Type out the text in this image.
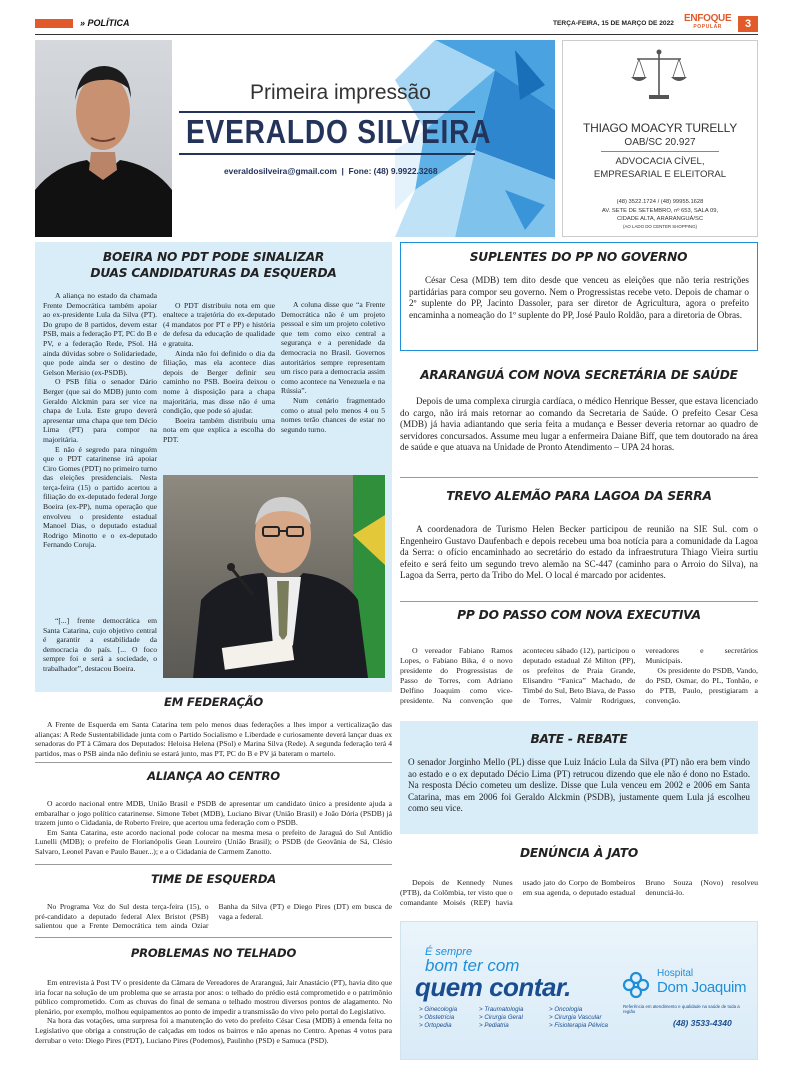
» POLÍTICA	TERÇA-FEIRA, 15 DE MARÇO DE 2022 ENFOQUE
POPULAR	3
Primeira impressão
EVERALDO SILVEIRA
everaldosilveira@gmail.com  |  Fone: (48) 9.9922.3268
THIAGO MOACYR TURELLY
OAB/SC 20.927
ADVOCACIA CÍVEL,
EMPRESARIAL E ELEITORAL
(48) 3522.1724 / (48) 99955.1628
AV. SETE DE SETEMBRO, nº 653, SALA 09,
CIDADE ALTA, ARARANGUÁ/SC
(AO LADO DO CENTER SHOPPING)
BOEIRA NO PDT PODE SINALIZAR DUAS CANDIDATURAS DA ESQUERDA

A aliança no estado da chamada Frente Democrática também apoiar ao ex-presidente Lula da Silva (PT). Do grupo de 8 partidos, devem estar PSB, mais a federação PT, PC do B e PV, e a federação Rede, PSol. Há ainda dúvidas sobre o Solidariedade, que pode ainda ser o destino de Gelson Merisio (ex-PSDB).

O PSB filia o senador Dário Berger (que sai do MDB) junto com Geraldo Alckmin para ser vice na chapa de Lula. Este grupo deverá apresentar uma chapa que tem Décio Lima (PT) para compor na majoritária.

E não é segredo para ninguém que o PDT catarinense irá apoiar Ciro Gomes (PDT) no primeiro turno das eleições presidenciais. Nesta terça-feira (15) o partido acertou a filiação do ex-deputado federal Jorge Boeira (ex-PP), numa operação que envolveu o presidente estadual Manoel Dias, o deputado estadual Rodrigo Minotto e o ex-deputado Fernando Coruja.

“[...] frente democrática em Santa Catarina, cujo objetivo central é garantir a estabilidade da democracia do país. [... O foco sempre foi e será a sociedade, o trabalhador”, destacou Boeira.

O PDT distribuiu nota em que enaltece a trajetória do ex-deputado (4 mandatos por PT e PP) e história de defesa da educação de qualidade e gratuita.

Ainda não foi definido o dia da filiação, mas ela acontece dias depois de Berger definir seu caminho no PSB. Boeira deixou o nome à disposição para a chapa majoritária, mas disse não é uma condição, que pode só ajudar.

Boeira também distribuiu uma nota em que explica a escolha do PDT.

A coluna disse que “a Frente Democrática não é um projeto pessoal e sim um projeto coletivo que tem como eixo central a segurança e a perenidade da democracia no Brasil. Governos autoritários sempre representam um risco para a democracia assim como acontece na Venezuela e na Rússia”.

Num cenário fragmentado como o atual pelo menos 4 ou 5 nomes terão chances de estar no segundo turno.

EM FEDERAÇÃO

A Frente de Esquerda em Santa Catarina tem pelo menos duas federações a lhes impor a verticalização das alianças: A Rede Sustentabilidade junta com o Partido Socialismo e Liberdade e curiosamente deverá lançar duas ex senadoras do PT à Câmara dos Deputados: Heloisa Helena (PSol) e Marina Silva (Rede). A segunda federação terá 4 partidos, mas o PSB ainda não definiu se estará junto, mas PT, PC do B e PV já bateram o martelo.

ALIANÇA AO CENTRO

O acordo nacional entre MDB, União Brasil e PSDB de apresentar um candidato único a presidente ajuda a embaralhar o jogo político catarinense. Simone Tebet (MDB), Luciano Bivar (União Brasil) e João Dória (PSDB) já trazem junto o Cidadania, de Roberto Freire, que acertou uma federação com o PSDB.

Em Santa Catarina, este acordo nacional pode colocar na mesma mesa o prefeito de Jaraguá do Sul Antídio Lunelli (MDB); o prefeito de Florianópolis Gean Loureiro (União Brasil); o PSDB (de Geovânia de Sá, Clésio Salvaro, Leonel Pavan e Paulo Bauer...); e a o Cidadania de Carmem Zanotto.

TIME DE ESQUERDA

No Programa Voz do Sul desta terça-feira (15), o pré-candidato a deputado federal Alex Bristot (PSB) salientou que a Frente Democrática tem ainda Oziar Banha da Silva (PT) e Diego Pires (DT) em busca de vaga a federal.

PROBLEMAS NO TELHADO

Em entrevista à Post TV o presidente da Câmara de Vereadores de Araranguá, Jair Anastácio (PT), havia dito que iria focar na solução de um problema que se arrasta por anos: o telhado do prédio está comprometido e o patrimônio público comprometido. Com as chuvas do final de semana o telhado mostrou diversos pontos de alagamento. No plenário, por exemplo, molhou equipamentos ao ponto de impedir a transmissão do vivo pelo portal do Legislativo.

Na hora das votações, uma surpresa foi a manutenção do veto do prefeito César Cesa (MDB) à emenda feita no Legislativo que obriga a construção de calçadas em todos os bairros e não apenas no Centro. Apenas 4 votos para derrubar o veto: Diego Pires (PDT), Luciano Pires (Podemos), Paulinho (PSD) e Samuca (PSD).

SUPLENTES DO PP NO GOVERNO

César Cesa (MDB) tem dito desde que venceu as eleições que não teria restrições partidárias para compor seu governo. Nem o Progressistas recebe veto. Depois de chamar o 2º suplente do PP, Jacinto Dassoler, para ser diretor de Agricultura, agora o prefeito encaminha a nomeação do 1º suplente do PP, José Paulo Roldão, para a diretoria de Obras.

ARARANGUÁ COM NOVA SECRETÁRIA DE SAÚDE

Depois de uma complexa cirurgia cardíaca, o médico Henrique Besser, que estava licenciado do cargo, não irá mais retornar ao comando da Secretaria de Saúde. O prefeito Cesar Cesa (MDB) já havia adiantando que seria feita a mudança e Besser deveria retornar ao quadro de servidores concursados. Assume meu lugar a enfermeira Daiane Biff, que tem doutorado na área de saúde e que atuava na Unidade de Pronto Atendimento – UPA 24 horas.

TREVO ALEMÃO PARA LAGOA DA SERRA

A coordenadora de Turismo Helen Becker participou de reunião na SIE Sul. com o Engenheiro Gustavo Daufenbach e depois recebeu uma boa notícia para a comunidade da Lagoa da Serra: o ofício encaminhado ao secretário do estado da infraestrutura Thiago Vieira surtiu efeito e será feito um segundo trevo alemão na SC-447 (caminho para o Arroio do Silva), na Lagoa da Serra, perto da Tribo do Mel. O local é marcado por acidentes.

PP DO PASSO COM NOVA EXECUTIVA

O vereador Fabiano Ramos Lopes, o Fabiano Bika, é o novo presidente do Progressistas de Passo de Torres, com Adriano Delfino Joaquim como vice-presidente. Na convenção que aconteceu sábado (12), participou o deputado estadual Zé Milton (PP), os prefeitos de Praia Grande, Elisandro “Fanica” Machado, de Timbé do Sul, Beto Biava, de Passo de Torres, Valmir Rodrigues, vereadores e secretários Municipais.

Os presidente do PSDB, Vando, do PSD, Osmar, do PL, Tonhão, e do PTB, Paulo, prestigiaram a convenção.

BATE - REBATE

O senador Jorginho Mello (PL) disse que Luiz Inácio Lula da Silva (PT) não era bem vindo ao estado e o ex deputado Décio Lima (PT) retrucou dizendo que ele não é dono no Estado. Na resposta Décio cometeu um deslize. Disse que Lula venceu em 2002 e 2006 em Santa Catarina, mas em 2006 foi Geraldo Alckmin (PSDB), justamente quem Lula já escolheu como seu vice.

DENÚNCIA À JATO

Depois de Kennedy Nunes (PTB), da Colômbia, ter visto que o comandante Moisés (REP) havia usado jato do Corpo de Bombeiros em sua agenda, o deputado estadual Bruno Souza (Novo) resolveu denunciá-lo.

É sempre
bom ter com
quem contar.
> Ginecologia	> Traumatologia	> Oncologia
> Obstetrícia	> Cirurgia Geral	> Cirurgia Vascular
> Ortopedia	> Pediatria	> Fisioterapia Pélvica
Hospital
Dom Joaquim
Referência em atendimento e qualidade na saúde de toda a região
(48) 3533-4340
